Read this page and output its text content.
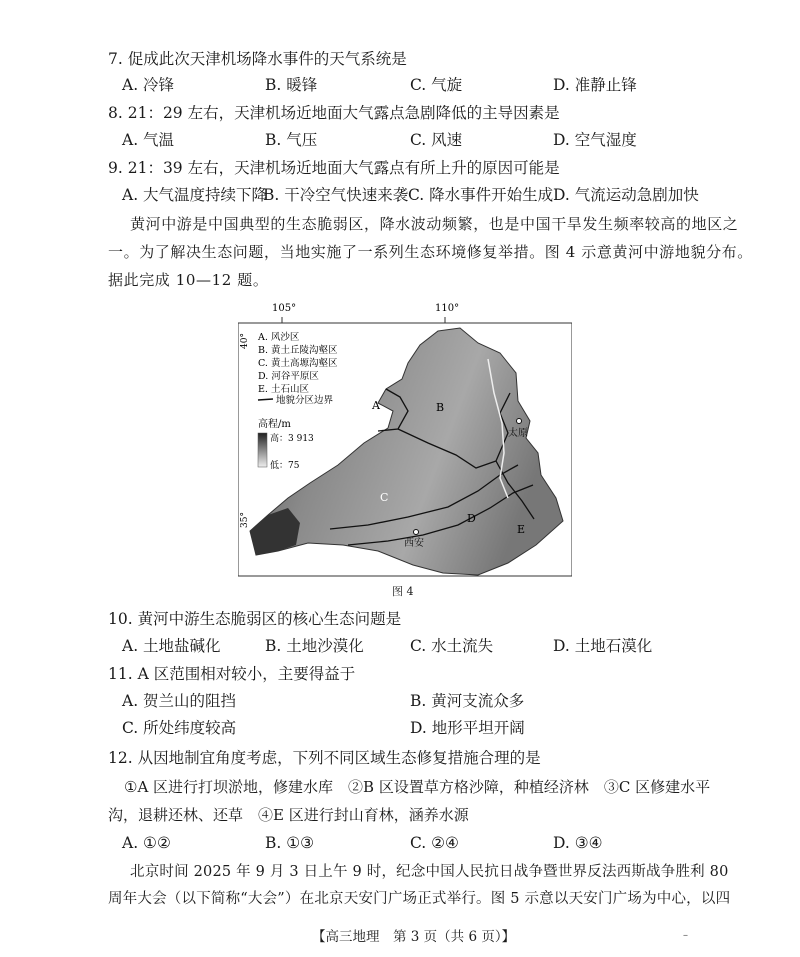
7. 促成此次天津机场降水事件的天气系统是
A. 冷锋	B. 暖锋	C. 气旋	D. 准静止锋
8. 21：29 左右，天津机场近地面大气露点急剧降低的主导因素是
A. 气温	B. 气压	C. 风速	D. 空气湿度
9. 21：39 左右，天津机场近地面大气露点有所上升的原因可能是
A. 大气温度持续下降
B. 干冷空气快速来袭 C. 降水事件开始生成 D. 气流运动急剧加快
黄河中游是中国典型的生态脆弱区，降水波动频繁，也是中国干旱发生频率较高的地区之
一。为了解决生态问题，当地实施了一系列生态环境修复举措。图 4 示意黄河中游地貌分布。
据此完成 10—12 题。
105°	110°
40°
35°
A	B
C
D
E
太原
西安
A. 风沙区
B. 黄土丘陵沟壑区
C. 黄土高塬沟壑区
D. 河谷平原区
E. 土石山区
地貌分区边界
高程/m
高：3 913
低：75
图 4
10. 黄河中游生态脆弱区的核心生态问题是
A. 土地盐碱化	B. 土地沙漠化	C. 水土流失	D. 土地石漠化
11. A 区范围相对较小，主要得益于
A. 贺兰山的阻挡	B. 黄河支流众多
C. 所处纬度较高	D. 地形平坦开阔
12. 从因地制宜角度考虑，下列不同区域生态修复措施合理的是
①A 区进行打坝淤地，修建水库　②B 区设置草方格沙障，种植经济林　③C 区修建水平
沟，退耕还林、还草　④E 区进行封山育林，涵养水源
A. ①②	B. ①③	C. ②④	D. ③④
北京时间 2025 年 9 月 3 日上午 9 时，纪念中国人民抗日战争暨世界反法西斯战争胜利 80
周年大会（以下简称“大会”）在北京天安门广场正式举行。图 5 示意以天安门广场为中心，以四
【高三地理　第 3 页（共 6 页）】	–
